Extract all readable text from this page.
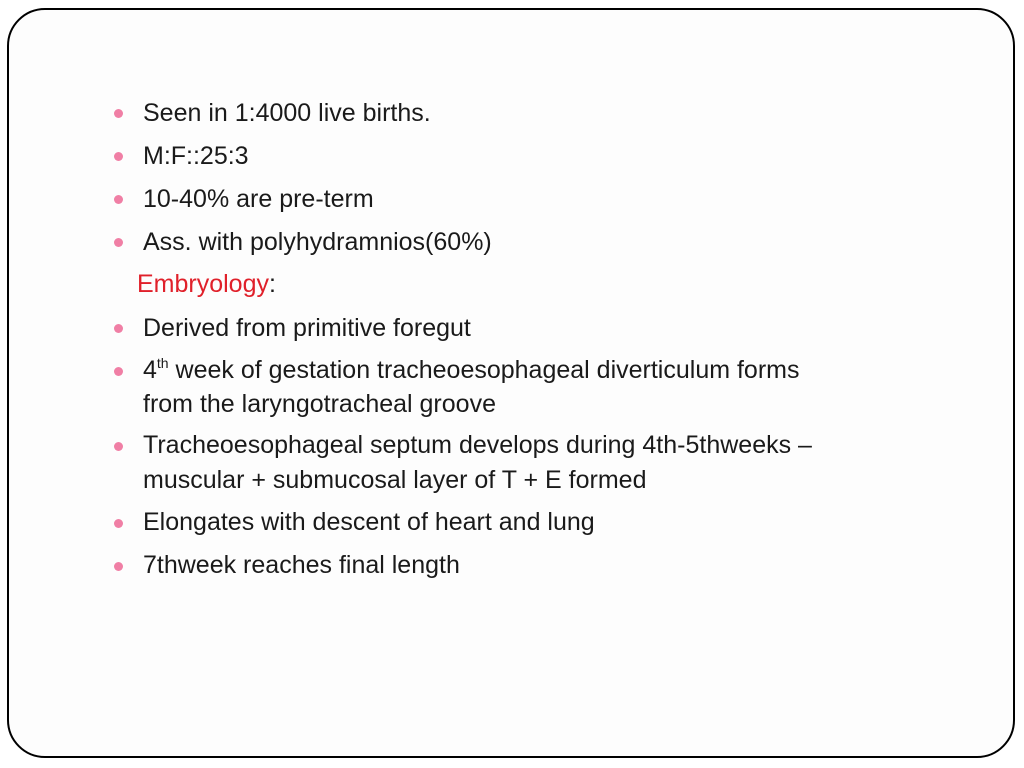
Seen in 1:4000 live births.
M:F::25:3
10-40% are pre-term
Ass. with polyhydramnios(60%)
Embryology:
Derived from primitive foregut
4th week of gestation tracheoesophageal diverticulum forms
from the laryngotracheal groove
Tracheoesophageal septum develops during 4th-5thweeks –
muscular + submucosal layer of T + E formed
Elongates with descent of heart and lung
7thweek reaches final length
